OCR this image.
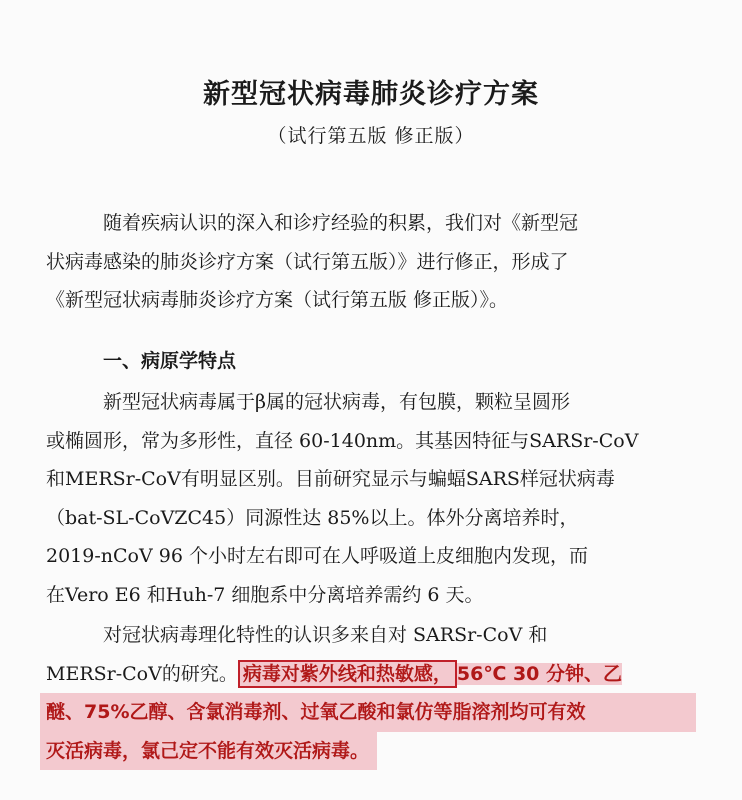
新型冠状病毒肺炎诊疗方案
（试行第五版 修正版）
随着疾病认识的深入和诊疗经验的积累，我们对《新型冠
状病毒感染的肺炎诊疗方案（试行第五版）》进行修正，形成了
《新型冠状病毒肺炎诊疗方案（试行第五版 修正版）》。
一、病原学特点
新型冠状病毒属于β属的冠状病毒，有包膜，颗粒呈圆形
或椭圆形，常为多形性，直径 60-140nm。其基因特征与SARSr-CoV
和MERSr-CoV有明显区别。目前研究显示与蝙蝠SARS样冠状病毒
（bat-SL-CoVZC45）同源性达 85%以上。体外分离培养时，
2019-nCoV 96 个小时左右即可在人呼吸道上皮细胞内发现，而
在Vero E6 和Huh-7 细胞系中分离培养需约 6 天。
对冠状病毒理化特性的认识多来自对 SARSr-CoV 和
MERSr-CoV的研究。 病毒对紫外线和热敏感， 56℃ 30 分钟、乙
醚、75%乙醇、含氯消毒剂、过氧乙酸和氯仿等脂溶剂均可有效
灭活病毒，氯己定不能有效灭活病毒。
